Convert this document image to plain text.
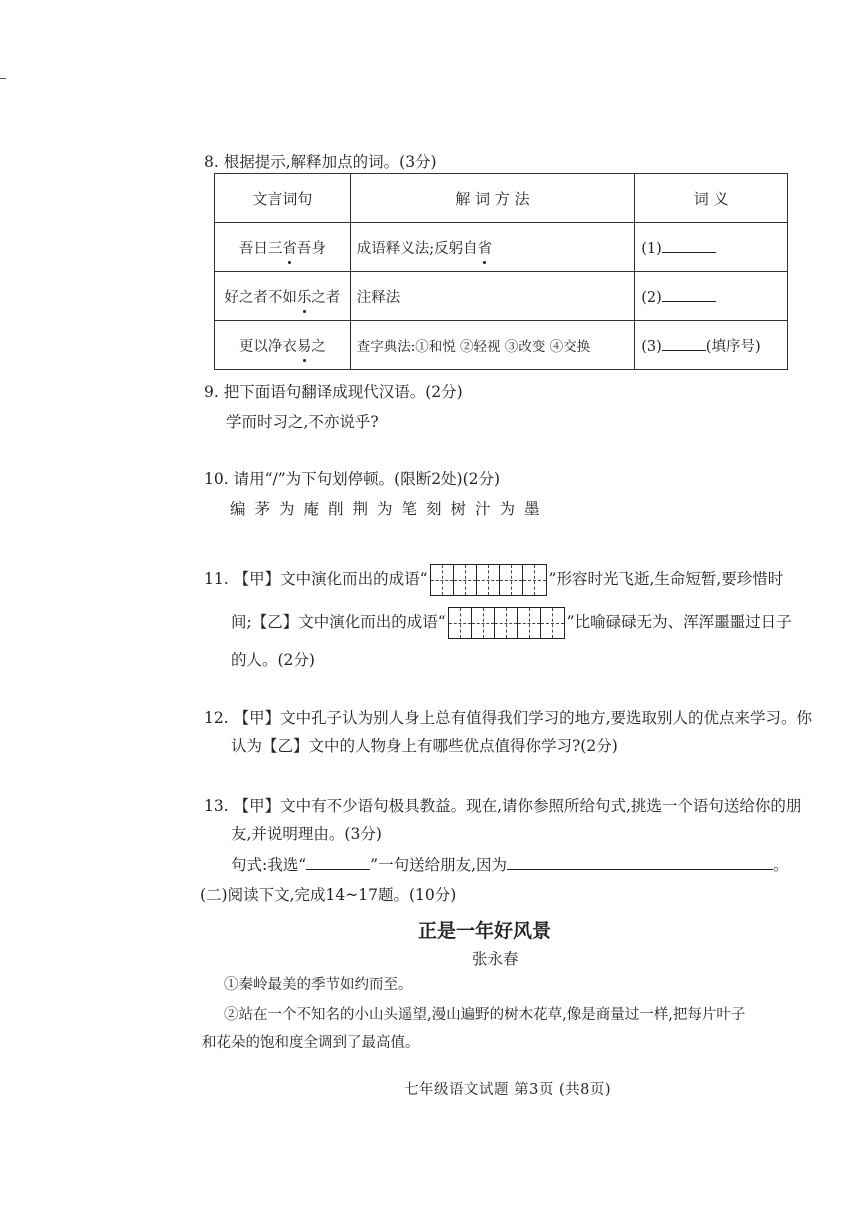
8. 根据提示,解释加点的词。(3分)
文言词句	解 词 方 法	词 义
吾日三省吾身	成语释义法;反躬自省	(1)
好之者不如乐之者	注释法	(2)
更以净衣易之	查字典法:①和悦 ②轻视 ③改变 ④交换	(3) (填序号)
9. 把下面语句翻译成现代汉语。(2分)
学而时习之,不亦说乎?
10. 请用“/”为下句划停顿。(限断2处)(2分)
编茅为庵削荆为笔刻树汁为墨
11. 【甲】文中演化而出的成语“	”形容时光飞逝,生命短暂,要珍惜时
间;【乙】文中演化而出的成语“	”比喻碌碌无为、浑浑噩噩过日子
的人。(2分)
12. 【甲】文中孔子认为别人身上总有值得我们学习的地方,要选取别人的优点来学习。你
认为【乙】文中的人物身上有哪些优点值得你学习?(2分)
13. 【甲】文中有不少语句极具教益。现在,请你参照所给句式,挑选一个语句送给你的朋
友,并说明理由。(3分)
句式:我选“	”一句送给朋友,因为	。
(二)阅读下文,完成14~17题。(10分)
正是一年好风景
张永春
①秦岭最美的季节如约而至。
②站在一个不知名的小山头遥望,漫山遍野的树木花草,像是商量过一样,把每片叶子
和花朵的饱和度全调到了最高值。
七年级语文试题 第3页 (共8页)
